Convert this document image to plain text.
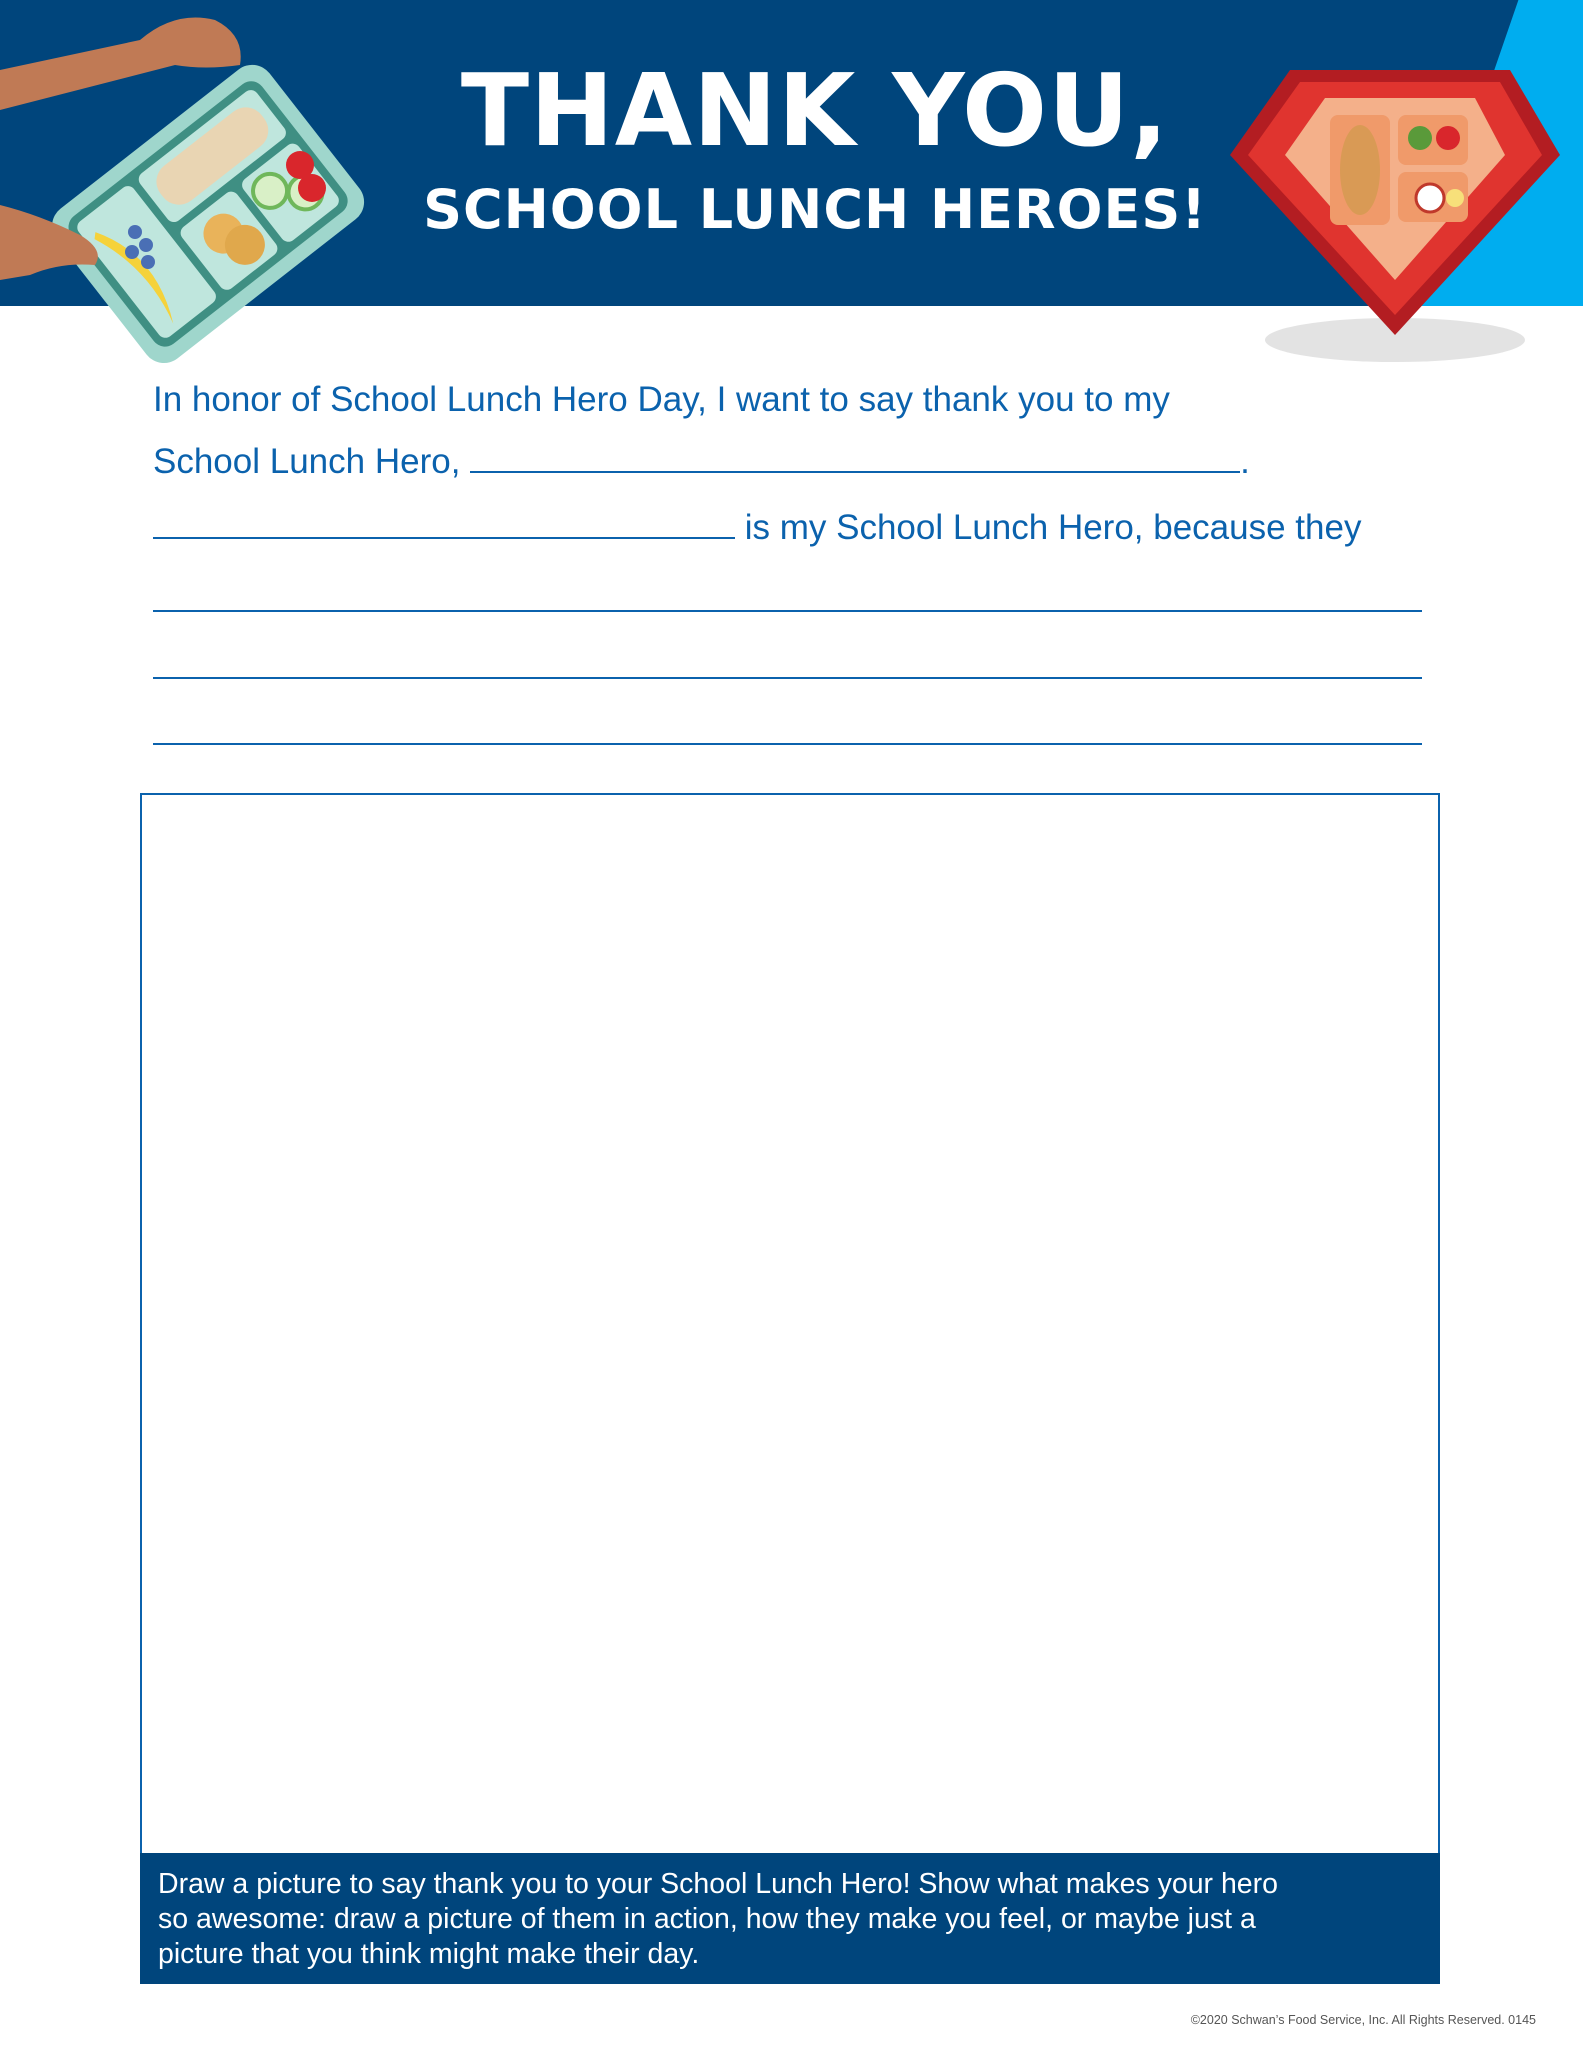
THANK YOU,
SCHOOL LUNCH HEROES!
In honor of School Lunch Hero Day, I want to say thank you to my
School Lunch Hero,	.
is my School Lunch Hero, because they
Draw a picture to say thank you to your School Lunch Hero! Show what makes your hero
so awesome: draw a picture of them in action, how they make you feel, or maybe just a
picture that you think might make their day.
©2020 Schwan’s Food Service, Inc. All Rights Reserved. 0145
